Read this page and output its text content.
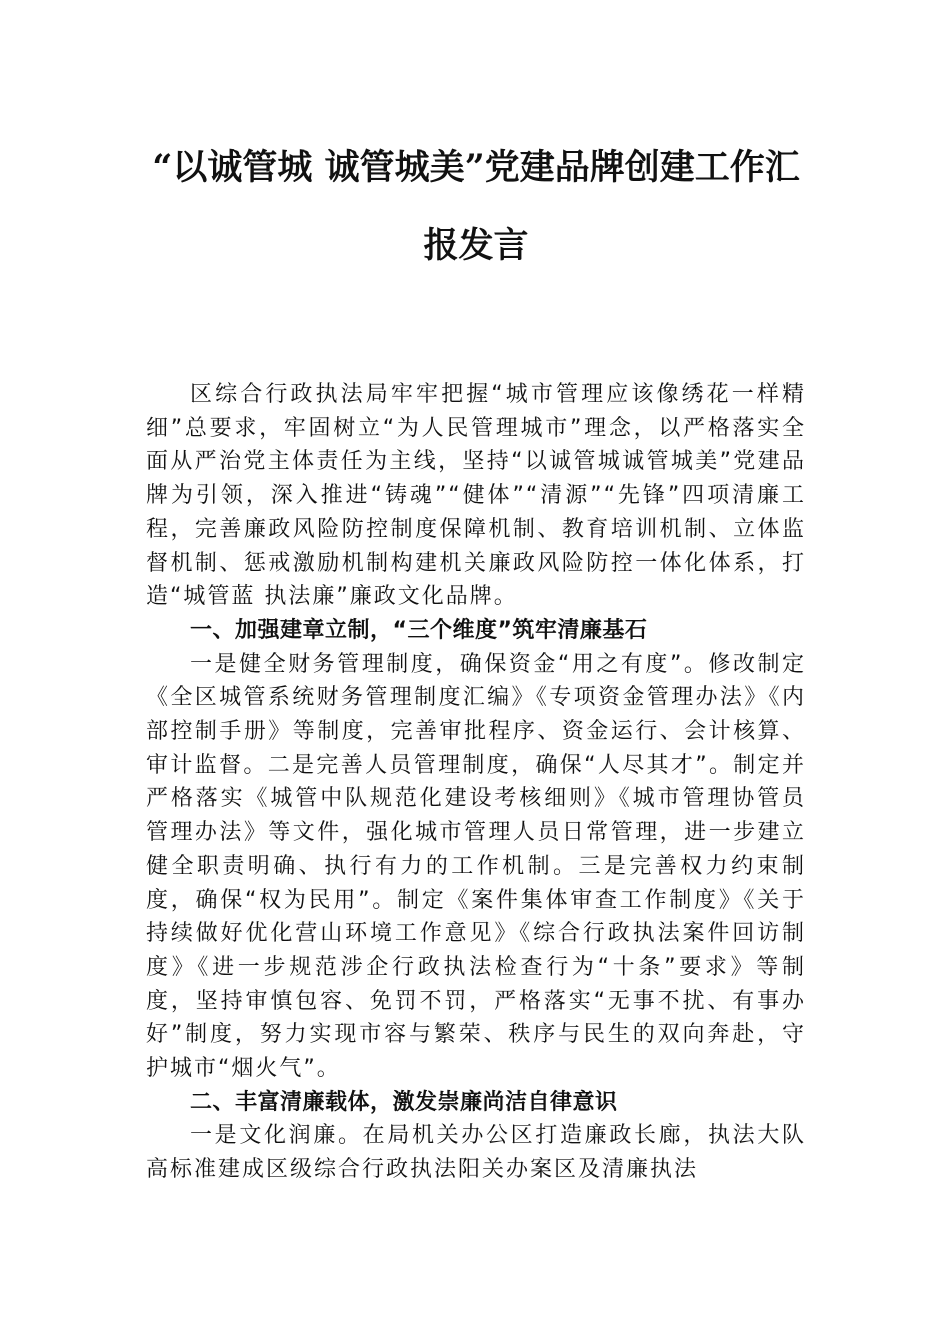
“以诚管城 诚管城美”党建品牌创建工作汇
报发言

区综合行政执法局牢牢把握“城市管理应该像绣花一样精细”总要求，牢固树立“为人民管理城市”理念，以严格落实全面从严治党主体责任为主线，坚持“以诚管城诚管城美”党建品牌为引领，深入推进“铸魂”“健体”“清源”“先锋”四项清廉工程，完善廉政风险防控制度保障机制、教育培训机制、立体监督机制、惩戒激励机制构建机关廉政风险防控一体化体系，打造“城管蓝 执法廉”廉政文化品牌。

一、加强建章立制，“三个维度”筑牢清廉基石

一是健全财务管理制度，确保资金“用之有度”。修改制定《全区城管系统财务管理制度汇编》《专项资金管理办法》《内部控制手册》等制度，完善审批程序、资金运行、会计核算、审计监督。二是完善人员管理制度，确保“人尽其才”。制定并严格落实《城管中队规范化建设考核细则》《城市管理协管员管理办法》等文件，强化城市管理人员日常管理，进一步建立健全职责明确、执行有力的工作机制。三是完善权力约束制度，确保“权为民用”。制定《案件集体审查工作制度》《关于持续做好优化营山环境工作意见》《综合行政执法案件回访制度》《进一步规范涉企行政执法检查行为“十条”要求》等制度，坚持审慎包容、免罚不罚，严格落实“无事不扰、有事办好”制度，努力实现市容与繁荣、秩序与民生的双向奔赴，守护城市“烟火气”。

二、丰富清廉载体，激发崇廉尚洁自律意识

一是文化润廉。在局机关办公区打造廉政长廊，执法大队高标准建成区级综合行政执法阳关办案区及清廉执法
